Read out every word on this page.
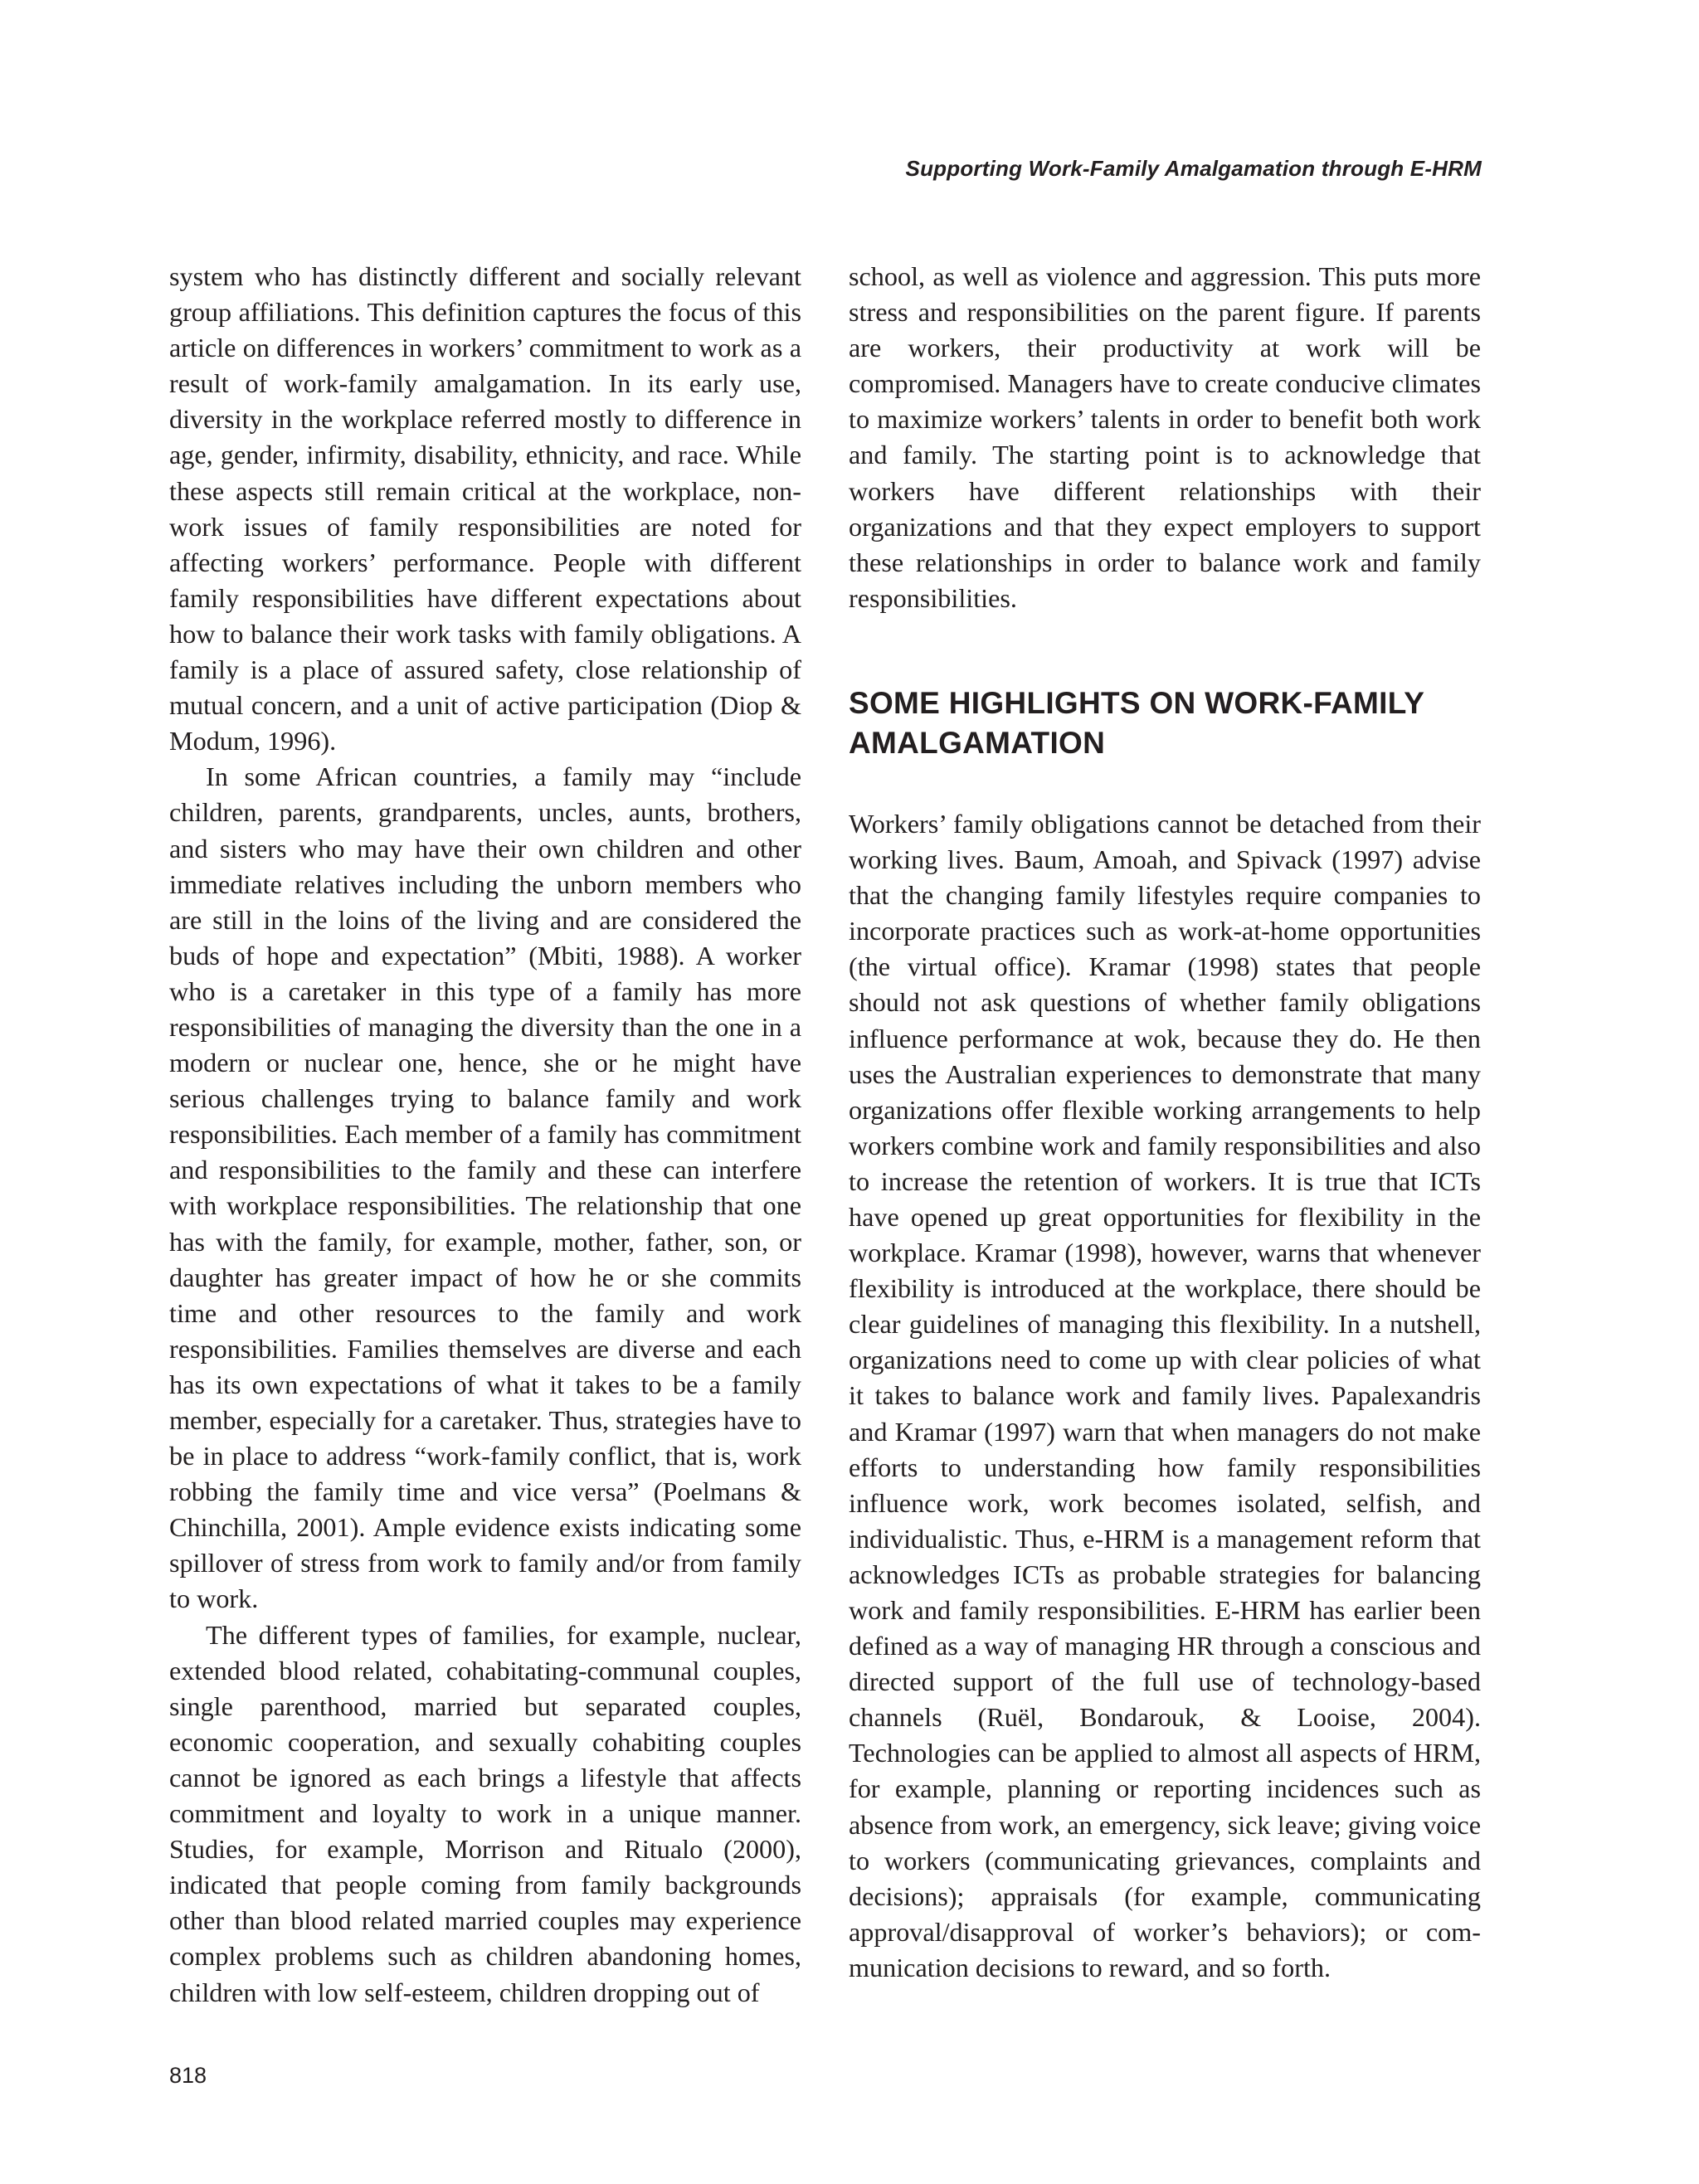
Supporting Work-Family Amalgamation through E-HRM

system who has distinctly different and socially relevant group affiliations. This definition captures the focus of this article on differences in workers’ commitment to work as a result of work-family amalgamation. In its early use, diversity in the workplace referred mostly to difference in age, gender, infirmity, disability, ethnicity, and race. While these aspects still remain critical at the workplace, non-work issues of family responsibilities are noted for affecting workers’ performance. People with different family responsibilities have different expectations about how to balance their work tasks with family obligations. A family is a place of assured safety, close relationship of mutual concern, and a unit of active participation (Diop & Modum, 1996).

In some African countries, a family may “include children, parents, grandparents, uncles, aunts, brothers, and sisters who may have their own children and other immediate relatives including the unborn members who are still in the loins of the living and are considered the buds of hope and expectation” (Mbiti, 1988). A worker who is a caretaker in this type of a family has more responsibilities of managing the diversity than the one in a modern or nuclear one, hence, she or he might have serious challenges trying to balance family and work responsibilities. Each member of a family has commitment and responsibilities to the family and these can interfere with workplace responsibilities. The relationship that one has with the family, for example, mother, father, son, or daughter has greater impact of how he or she commits time and other resources to the family and work responsibilities. Families themselves are diverse and each has its own expectations of what it takes to be a family member, especially for a caretaker. Thus, strategies have to be in place to address “work-family conflict, that is, work robbing the family time and vice versa” (Poelmans & Chinchilla, 2001). Ample evidence exists indicating some spillover of stress from work to family and/or from family to work.

The different types of families, for example, nuclear, extended blood related, cohabitating-communal couples, single parenthood, married but separated couples, economic cooperation, and sexually cohabiting couples cannot be ignored as each brings a lifestyle that affects commitment and loyalty to work in a unique manner. Studies, for example, Morrison and Ritualo (2000), indicated that people coming from family backgrounds other than blood related married couples may experience complex problems such as children abandoning homes, children with low self-esteem, children dropping out of

school, as well as violence and aggression. This puts more stress and responsibilities on the parent figure. If parents are workers, their productivity at work will be compromised. Managers have to create conducive climates to maximize workers’ talents in order to benefit both work and family. The starting point is to acknowledge that workers have different relationships with their organizations and that they expect employers to support these relationships in order to balance work and family responsibilities.

SOME HIGHLIGHTS ON WORK-FAMILY AMALGAMATION

Workers’ family obligations cannot be detached from their working lives. Baum, Amoah, and Spivack (1997) advise that the changing family lifestyles require companies to incorporate practices such as work-at-home opportunities (the virtual office). Kramar (1998) states that people should not ask questions of whether family obligations influence performance at wok, because they do. He then uses the Australian experiences to demonstrate that many organizations offer flexible working arrangements to help workers combine work and family responsibilities and also to increase the retention of workers. It is true that ICTs have opened up great opportunities for flexibility in the workplace. Kramar (1998), however, warns that whenever flexibility is introduced at the workplace, there should be clear guidelines of managing this flexibility. In a nutshell, organizations need to come up with clear policies of what it takes to balance work and family lives. Papalexandris and Kramar (1997) warn that when managers do not make efforts to understanding how family responsibilities influence work, work becomes isolated, selfish, and individualistic. Thus, e-HRM is a management reform that acknowledges ICTs as probable strategies for balancing work and family responsibilities. E-HRM has earlier been defined as a way of managing HR through a conscious and directed support of the full use of technology-based channels (Ruël, Bondarouk, & Looise, 2004). Technologies can be applied to almost all aspects of HRM, for example, planning or reporting incidences such as absence from work, an emergency, sick leave; giving voice to workers (communicating grievances, complaints and decisions); appraisals (for example, communicating approval/disapproval of worker’s behaviors); or communication decisions to reward, and so forth.

818
